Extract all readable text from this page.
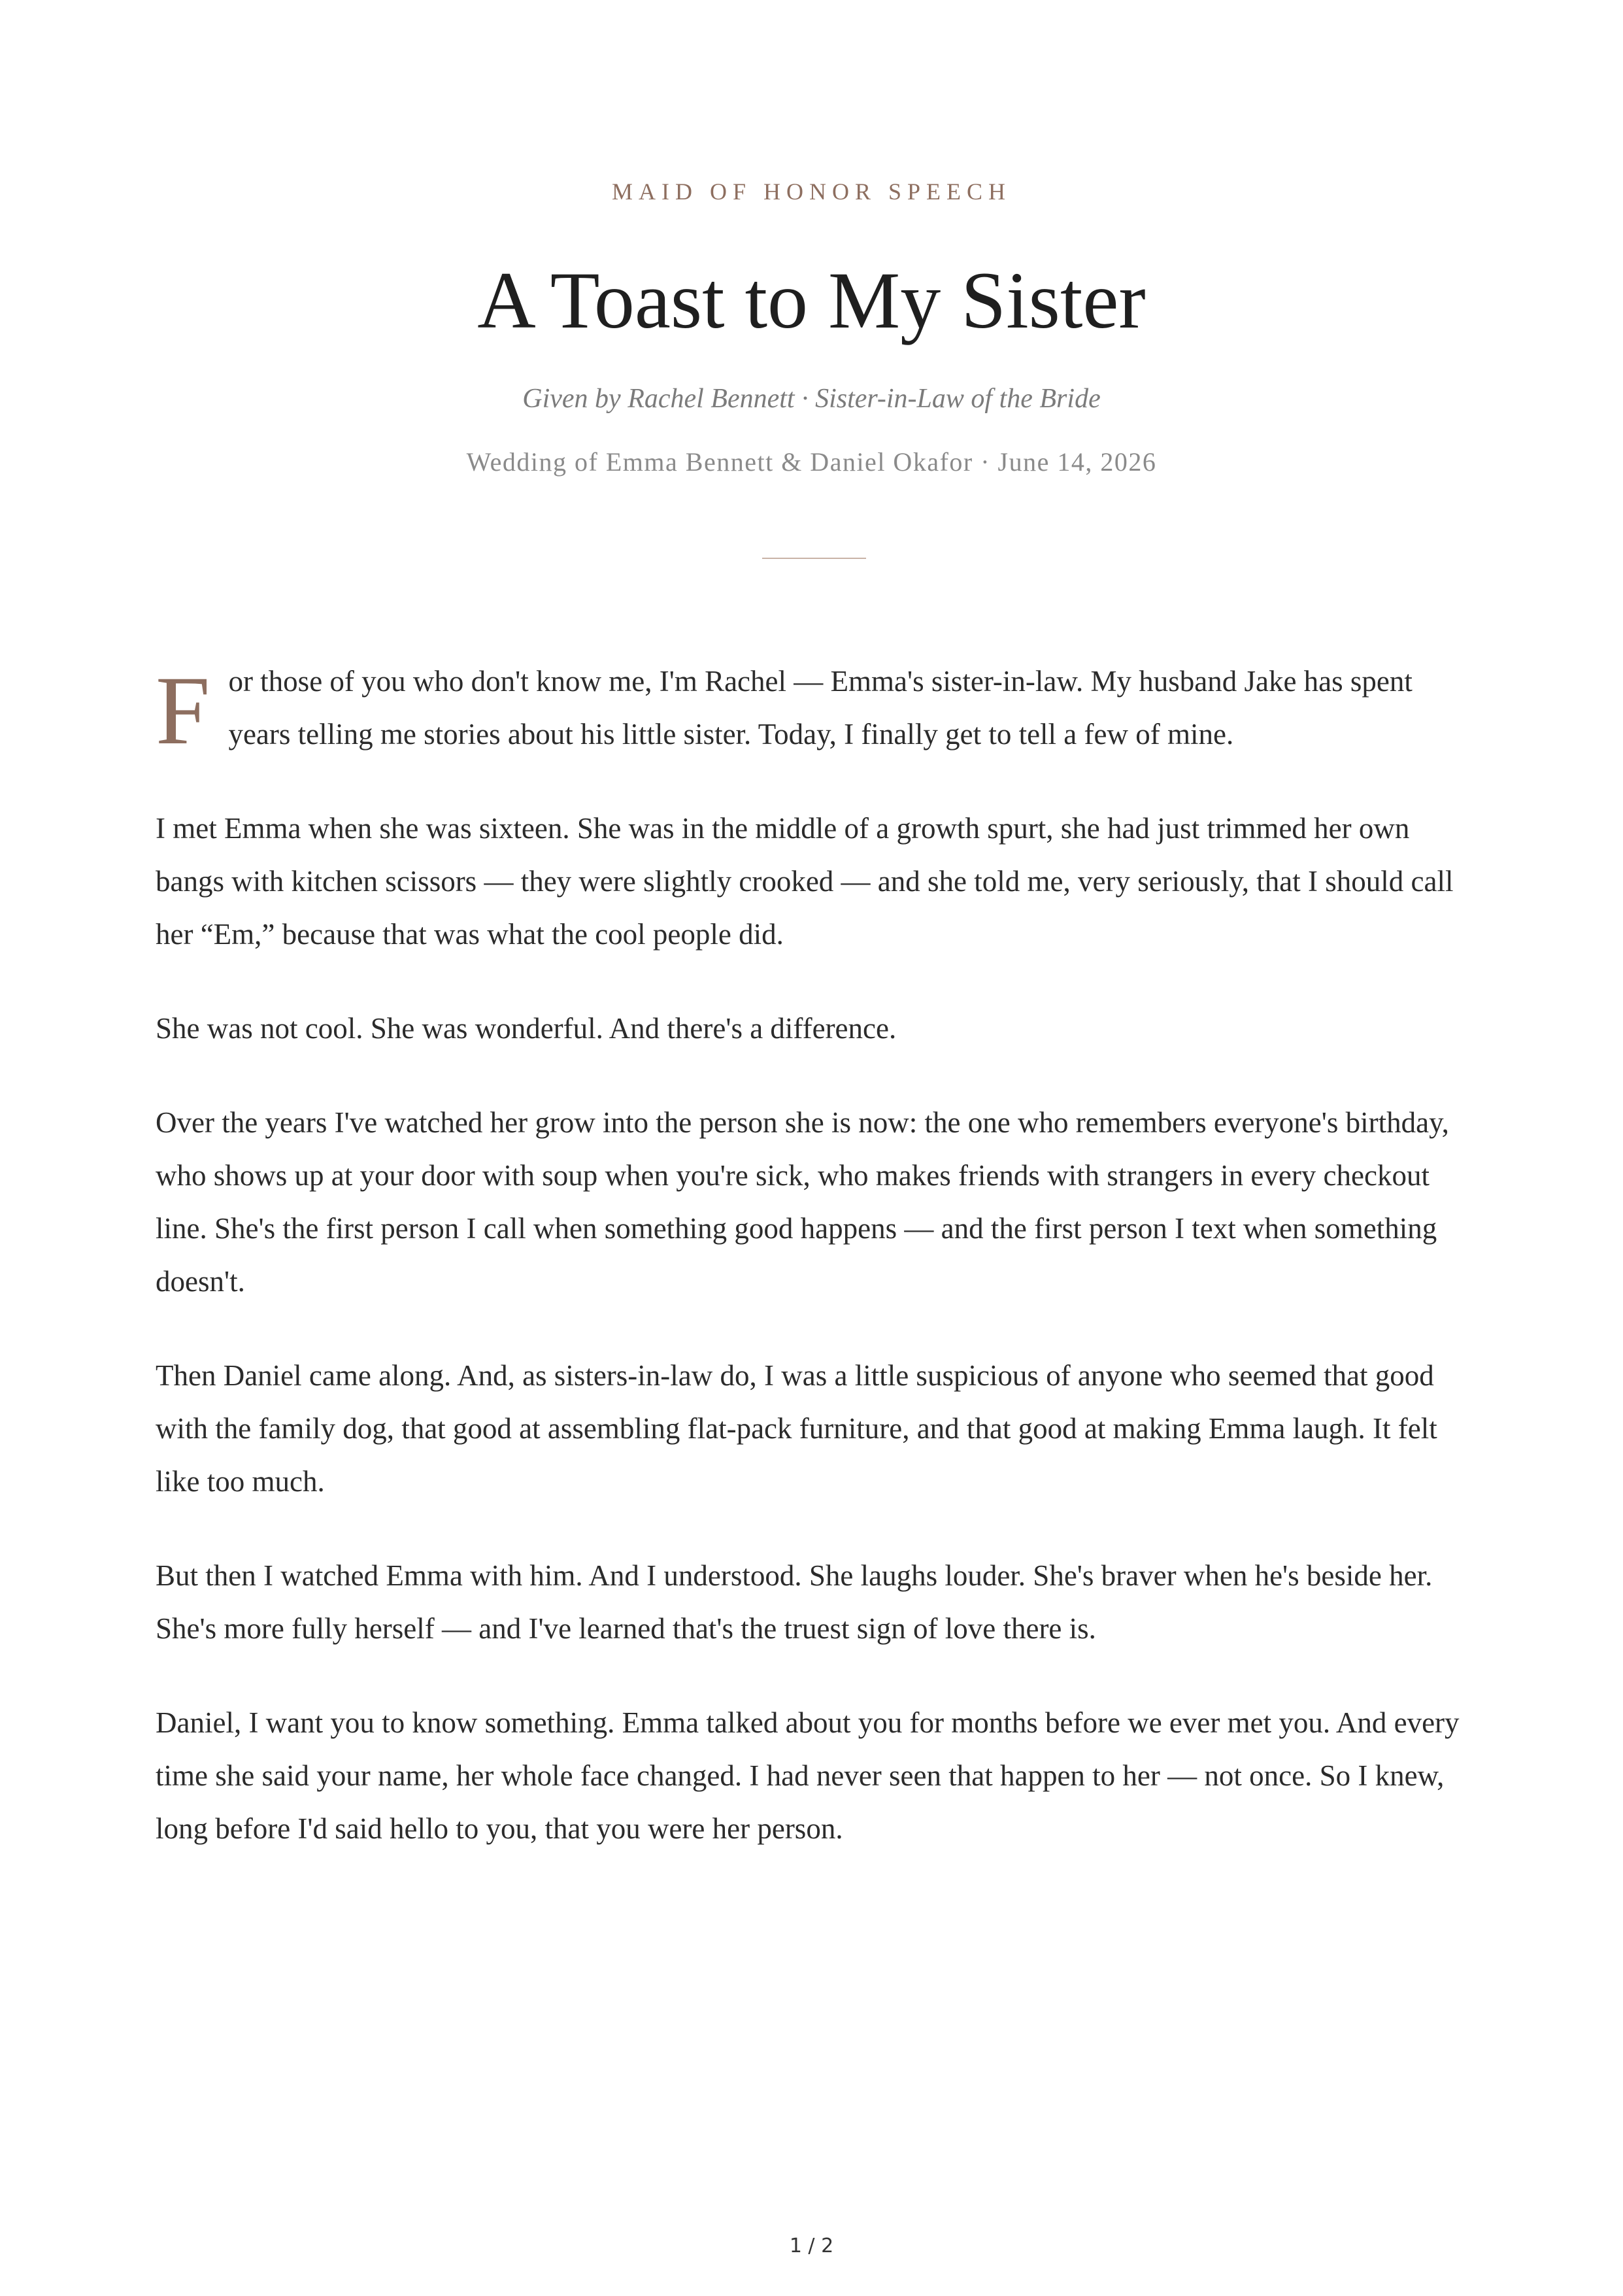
MAID OF HONOR SPEECH
A Toast to My Sister
Given by Rachel Bennett · Sister-in-Law of the Bride
Wedding of Emma Bennett & Daniel Okafor · June 14, 2026

For those of you who don't know me, I'm Rachel — Emma's sister-in-law. My husband Jake has spent years telling me stories about his little sister. Today, I finally get to tell a few of mine.

I met Emma when she was sixteen. She was in the middle of a growth spurt, she had just trimmed her own bangs with kitchen scissors — they were slightly crooked — and she told me, very seriously, that I should call her “Em,” because that was what the cool people did.

She was not cool. She was wonderful. And there's a difference.

Over the years I've watched her grow into the person she is now: the one who remembers everyone's birthday, who shows up at your door with soup when you're sick, who makes friends with strangers in every checkout line. She's the first person I call when something good happens — and the first person I text when something doesn't.

Then Daniel came along. And, as sisters-in-law do, I was a little suspicious of anyone who seemed that good with the family dog, that good at assembling flat-pack furniture, and that good at making Emma laugh. It felt like too much.

But then I watched Emma with him. And I understood. She laughs louder. She's braver when he's beside her. She's more fully herself — and I've learned that's the truest sign of love there is.

Daniel, I want you to know something. Emma talked about you for months before we ever met you. And every time she said your name, her whole face changed. I had never seen that happen to her — not once. So I knew, long before I'd said hello to you, that you were her person.

1 / 2
